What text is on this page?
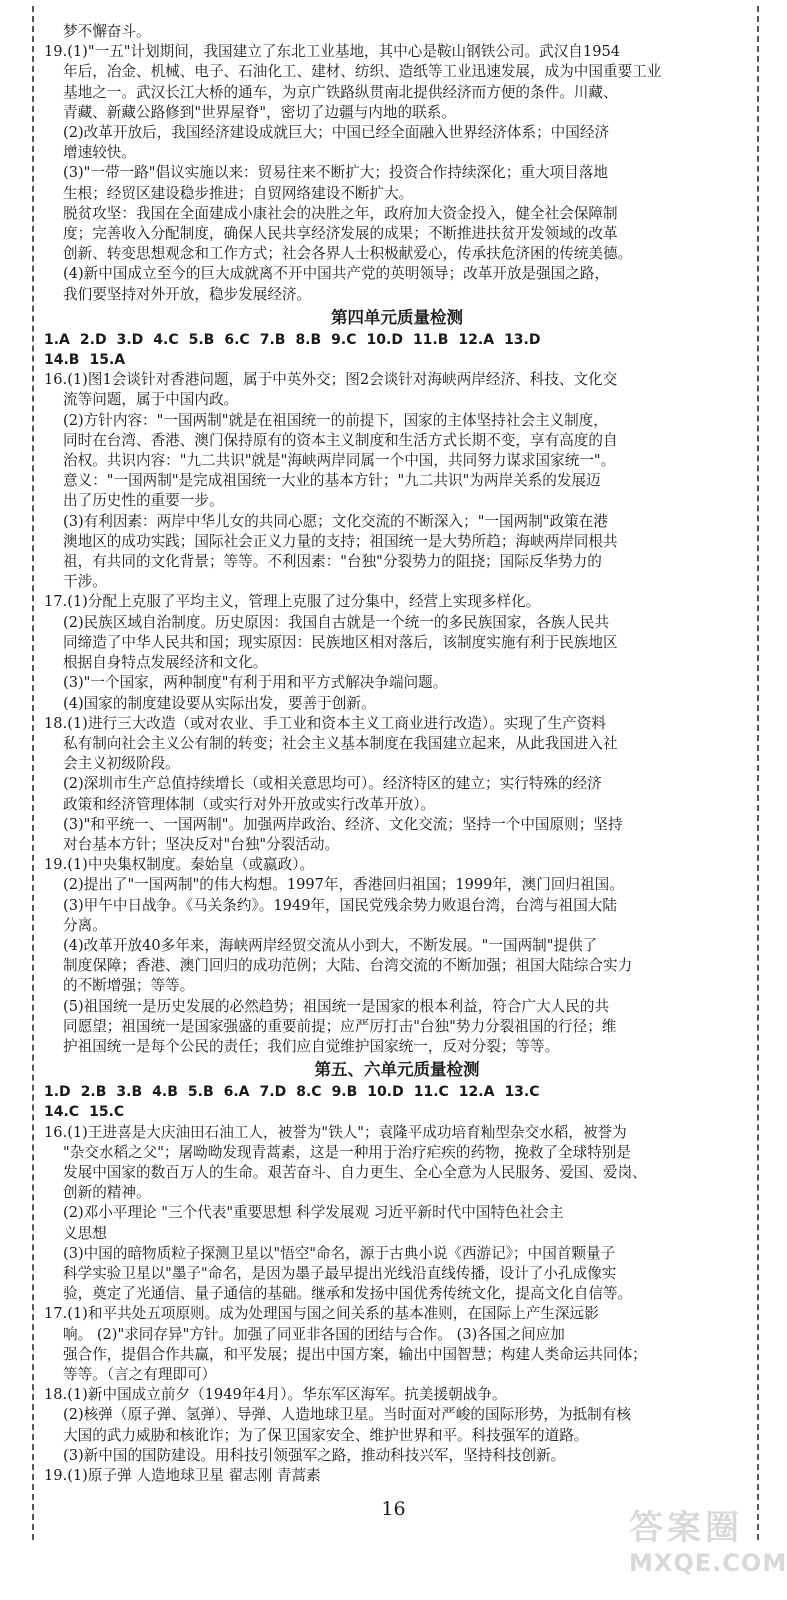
梦不懈奋斗。
19.(1)"一五"计划期间，我国建立了东北工业基地，其中心是鞍山钢铁公司。武汉自1954
年后，冶金、机械、电子、石油化工、建材、纺织、造纸等工业迅速发展，成为中国重要工业
基地之一。武汉长江大桥的通车，为京广铁路纵贯南北提供经济而方便的条件。川藏、
青藏、新藏公路修到"世界屋脊"，密切了边疆与内地的联系。
(2)改革开放后，我国经济建设成就巨大；中国已经全面融入世界经济体系；中国经济
增速较快。
(3)"一带一路"倡议实施以来：贸易往来不断扩大；投资合作持续深化；重大项目落地
生根；经贸区建设稳步推进；自贸网络建设不断扩大。
脱贫攻坚：我国在全面建成小康社会的决胜之年，政府加大资金投入，健全社会保障制
度；完善收入分配制度，确保人民共享经济发展的成果；不断推进扶贫开发领域的改革
创新、转变思想观念和工作方式；社会各界人士积极献爱心，传承扶危济困的传统美德。
(4)新中国成立至今的巨大成就离不开中国共产党的英明领导；改革开放是强国之路，
我们要坚持对外开放，稳步发展经济。
第四单元质量检测
1.A 2.D 3.D 4.C 5.B 6.C 7.B 8.B 9.C 10.D 11.B 12.A 13.D
14.B 15.A
16.(1)图1会谈针对香港问题，属于中英外交；图2会谈针对海峡两岸经济、科技、文化交
流等问题，属于中国内政。
(2)方针内容："一国两制"就是在祖国统一的前提下，国家的主体坚持社会主义制度，
同时在台湾、香港、澳门保持原有的资本主义制度和生活方式长期不变，享有高度的自
治权。共识内容："九二共识"就是"海峡两岸同属一个中国，共同努力谋求国家统一"。
意义："一国两制"是完成祖国统一大业的基本方针；"九二共识"为两岸关系的发展迈
出了历史性的重要一步。
(3)有利因素：两岸中华儿女的共同心愿；文化交流的不断深入；"一国两制"政策在港
澳地区的成功实践；国际社会正义力量的支持；祖国统一是大势所趋；海峡两岸同根共
祖，有共同的文化背景；等等。不利因素："台独"分裂势力的阻挠；国际反华势力的
干涉。
17.(1)分配上克服了平均主义，管理上克服了过分集中，经营上实现多样化。
(2)民族区域自治制度。历史原因：我国自古就是一个统一的多民族国家，各族人民共
同缔造了中华人民共和国；现实原因：民族地区相对落后，该制度实施有利于民族地区
根据自身特点发展经济和文化。
(3)"一个国家，两种制度"有利于用和平方式解决争端问题。
(4)国家的制度建设要从实际出发，要善于创新。
18.(1)进行三大改造（或对农业、手工业和资本主义工商业进行改造）。实现了生产资料
私有制向社会主义公有制的转变；社会主义基本制度在我国建立起来，从此我国进入社
会主义初级阶段。
(2)深圳市生产总值持续增长（或相关意思均可）。经济特区的建立；实行特殊的经济
政策和经济管理体制（或实行对外开放或实行改革开放）。
(3)"和平统一、一国两制"。加强两岸政治、经济、文化交流；坚持一个中国原则；坚持
对台基本方针；坚决反对"台独"分裂活动。
19.(1)中央集权制度。秦始皇（或嬴政）。
(2)提出了"一国两制"的伟大构想。1997年，香港回归祖国；1999年，澳门回归祖国。
(3)甲午中日战争。《马关条约》。1949年，国民党残余势力败退台湾，台湾与祖国大陆
分离。
(4)改革开放40多年来，海峡两岸经贸交流从小到大，不断发展。"一国两制"提供了
制度保障；香港、澳门回归的成功范例；大陆、台湾交流的不断加强；祖国大陆综合实力
的不断增强；等等。
(5)祖国统一是历史发展的必然趋势；祖国统一是国家的根本利益，符合广大人民的共
同愿望；祖国统一是国家强盛的重要前提；应严厉打击"台独"势力分裂祖国的行径；维
护祖国统一是每个公民的责任；我们应自觉维护国家统一，反对分裂；等等。
第五、六单元质量检测
1.D 2.B 3.B 4.B 5.B 6.A 7.D 8.C 9.B 10.D 11.C 12.A 13.C
14.C 15.C
16.(1)王进喜是大庆油田石油工人，被誉为"铁人"；袁隆平成功培育籼型杂交水稻，被誉为
"杂交水稻之父"；屠呦呦发现青蒿素，这是一种用于治疗疟疾的药物，挽救了全球特别是
发展中国家的数百万人的生命。艰苦奋斗、自力更生、全心全意为人民服务、爱国、爱岗、
创新的精神。
(2)邓小平理论 "三个代表"重要思想 科学发展观 习近平新时代中国特色社会主
义思想
(3)中国的暗物质粒子探测卫星以"悟空"命名，源于古典小说《西游记》；中国首颗量子
科学实验卫星以"墨子"命名，是因为墨子最早提出光线沿直线传播，设计了小孔成像实
验，奠定了光通信、量子通信的基础。继承和发扬中国优秀传统文化，提高文化自信等。
17.(1)和平共处五项原则。成为处理国与国之间关系的基本准则，在国际上产生深远影
响。 (2)"求同存异"方针。加强了同亚非各国的团结与合作。 (3)各国之间应加
强合作，提倡合作共赢，和平发展；提出中国方案，输出中国智慧；构建人类命运共同体；
等等。（言之有理即可）
18.(1)新中国成立前夕（1949年4月）。华东军区海军。抗美援朝战争。
(2)核弹（原子弹、氢弹）、导弹、人造地球卫星。当时面对严峻的国际形势，为抵制有核
大国的武力威胁和核讹诈；为了保卫国家安全、维护世界和平。科技强军的道路。
(3)新中国的国防建设。用科技引领强军之路，推动科技兴军，坚持科技创新。
19.(1)原子弹 人造地球卫星 翟志刚 青蒿素
16	答案圈
MXQE.COM
